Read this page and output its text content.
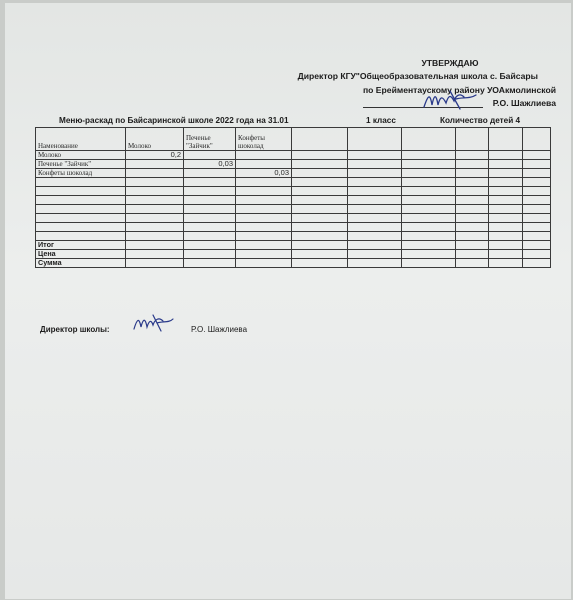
УТВЕРЖДАЮ
Директор КГУ"Общеобразовательная школа с. Байсары
по Ерейментаускому району УОАкмолинской
Р.О. Шажлиева
Меню-раскад по Байсаринской школе 2022 года на 31.01	1 класс	Количество детей 4
Наменование	Молоко	Печенье "Зайчик"	Конфеты шоколад						
Молоко	0,2								
Печенье "Зайчик"		0,03							
Конфеты шоколад			0,03						

Итог									
Цена									
Сумма									
Директор школы:	Р.О. Шажлиева
